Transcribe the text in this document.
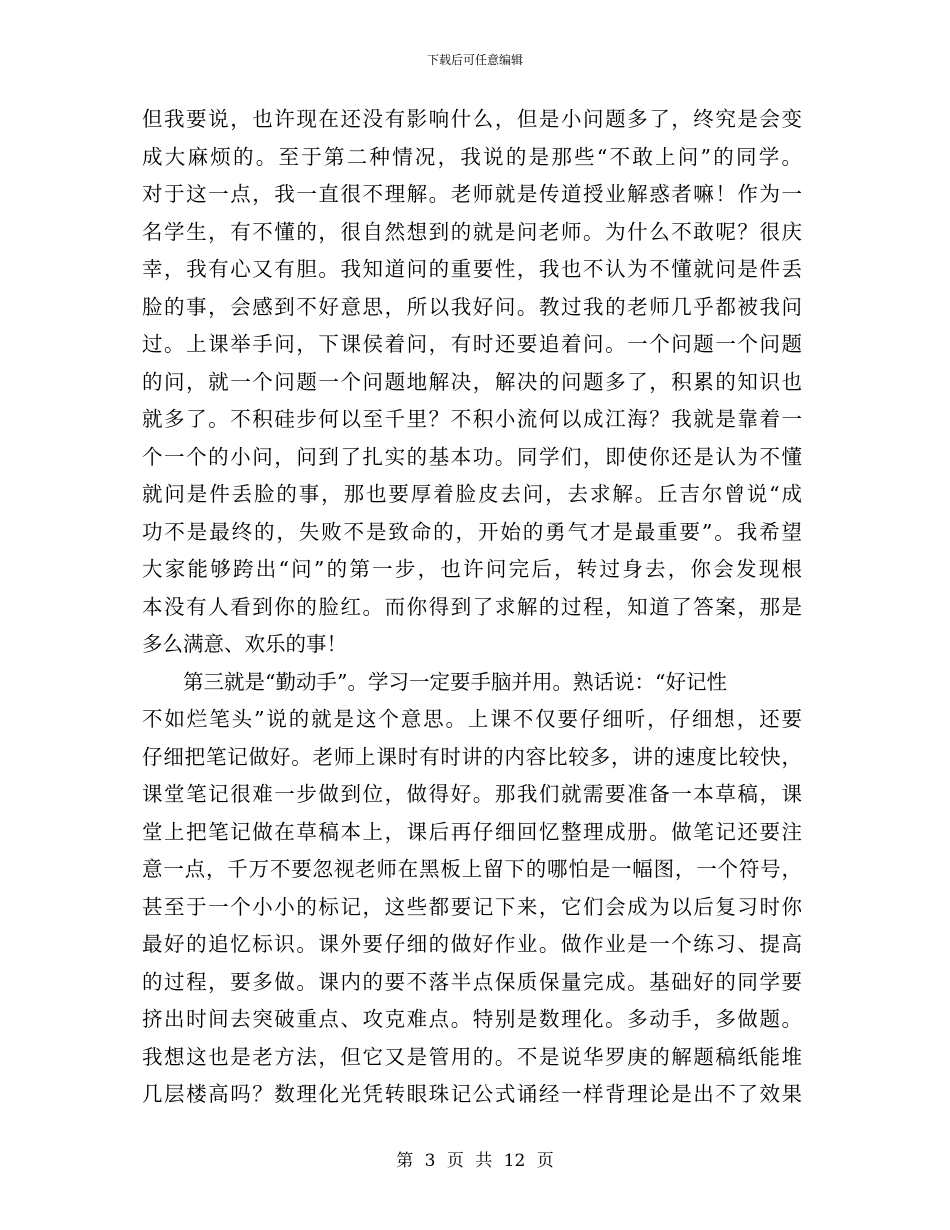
下载后可任意编辑
但我要说，也许现在还没有影响什么，但是小问题多了，终究是会变
成大麻烦的。至于第二种情况，我说的是那些“不敢上问”的同学。
对于这一点，我一直很不理解。老师就是传道授业解惑者嘛！作为一
名学生，有不懂的，很自然想到的就是问老师。为什么不敢呢？很庆
幸，我有心又有胆。我知道问的重要性，我也不认为不懂就问是件丢
脸的事，会感到不好意思，所以我好问。教过我的老师几乎都被我问
过。上课举手问，下课侯着问，有时还要追着问。一个问题一个问题
的问，就一个问题一个问题地解决，解决的问题多了，积累的知识也
就多了。不积硅步何以至千里？不积小流何以成江海？我就是靠着一
个一个的小问，问到了扎实的基本功。同学们，即使你还是认为不懂
就问是件丢脸的事，那也要厚着脸皮去问，去求解。丘吉尔曾说“成
功不是最终的，失败不是致命的，开始的勇气才是最重要”。我希望
大家能够跨出“问”的第一步，也许问完后，转过身去，你会发现根
本没有人看到你的脸红。而你得到了求解的过程，知道了答案，那是
多么满意、欢乐的事！
第三就是“勤动手”。学习一定要手脑并用。熟话说：“好记性
不如烂笔头”说的就是这个意思。上课不仅要仔细听，仔细想，还要
仔细把笔记做好。老师上课时有时讲的内容比较多，讲的速度比较快，
课堂笔记很难一步做到位，做得好。那我们就需要准备一本草稿，课
堂上把笔记做在草稿本上，课后再仔细回忆整理成册。做笔记还要注
意一点，千万不要忽视老师在黑板上留下的哪怕是一幅图，一个符号，
甚至于一个小小的标记，这些都要记下来，它们会成为以后复习时你
最好的追忆标识。课外要仔细的做好作业。做作业是一个练习、提高
的过程，要多做。课内的要不落半点保质保量完成。基础好的同学要
挤出时间去突破重点、攻克难点。特别是数理化。多动手，多做题。
我想这也是老方法，但它又是管用的。不是说华罗庚的解题稿纸能堆
几层楼高吗？数理化光凭转眼珠记公式诵经一样背理论是出不了效果
第 3 页 共 12 页
